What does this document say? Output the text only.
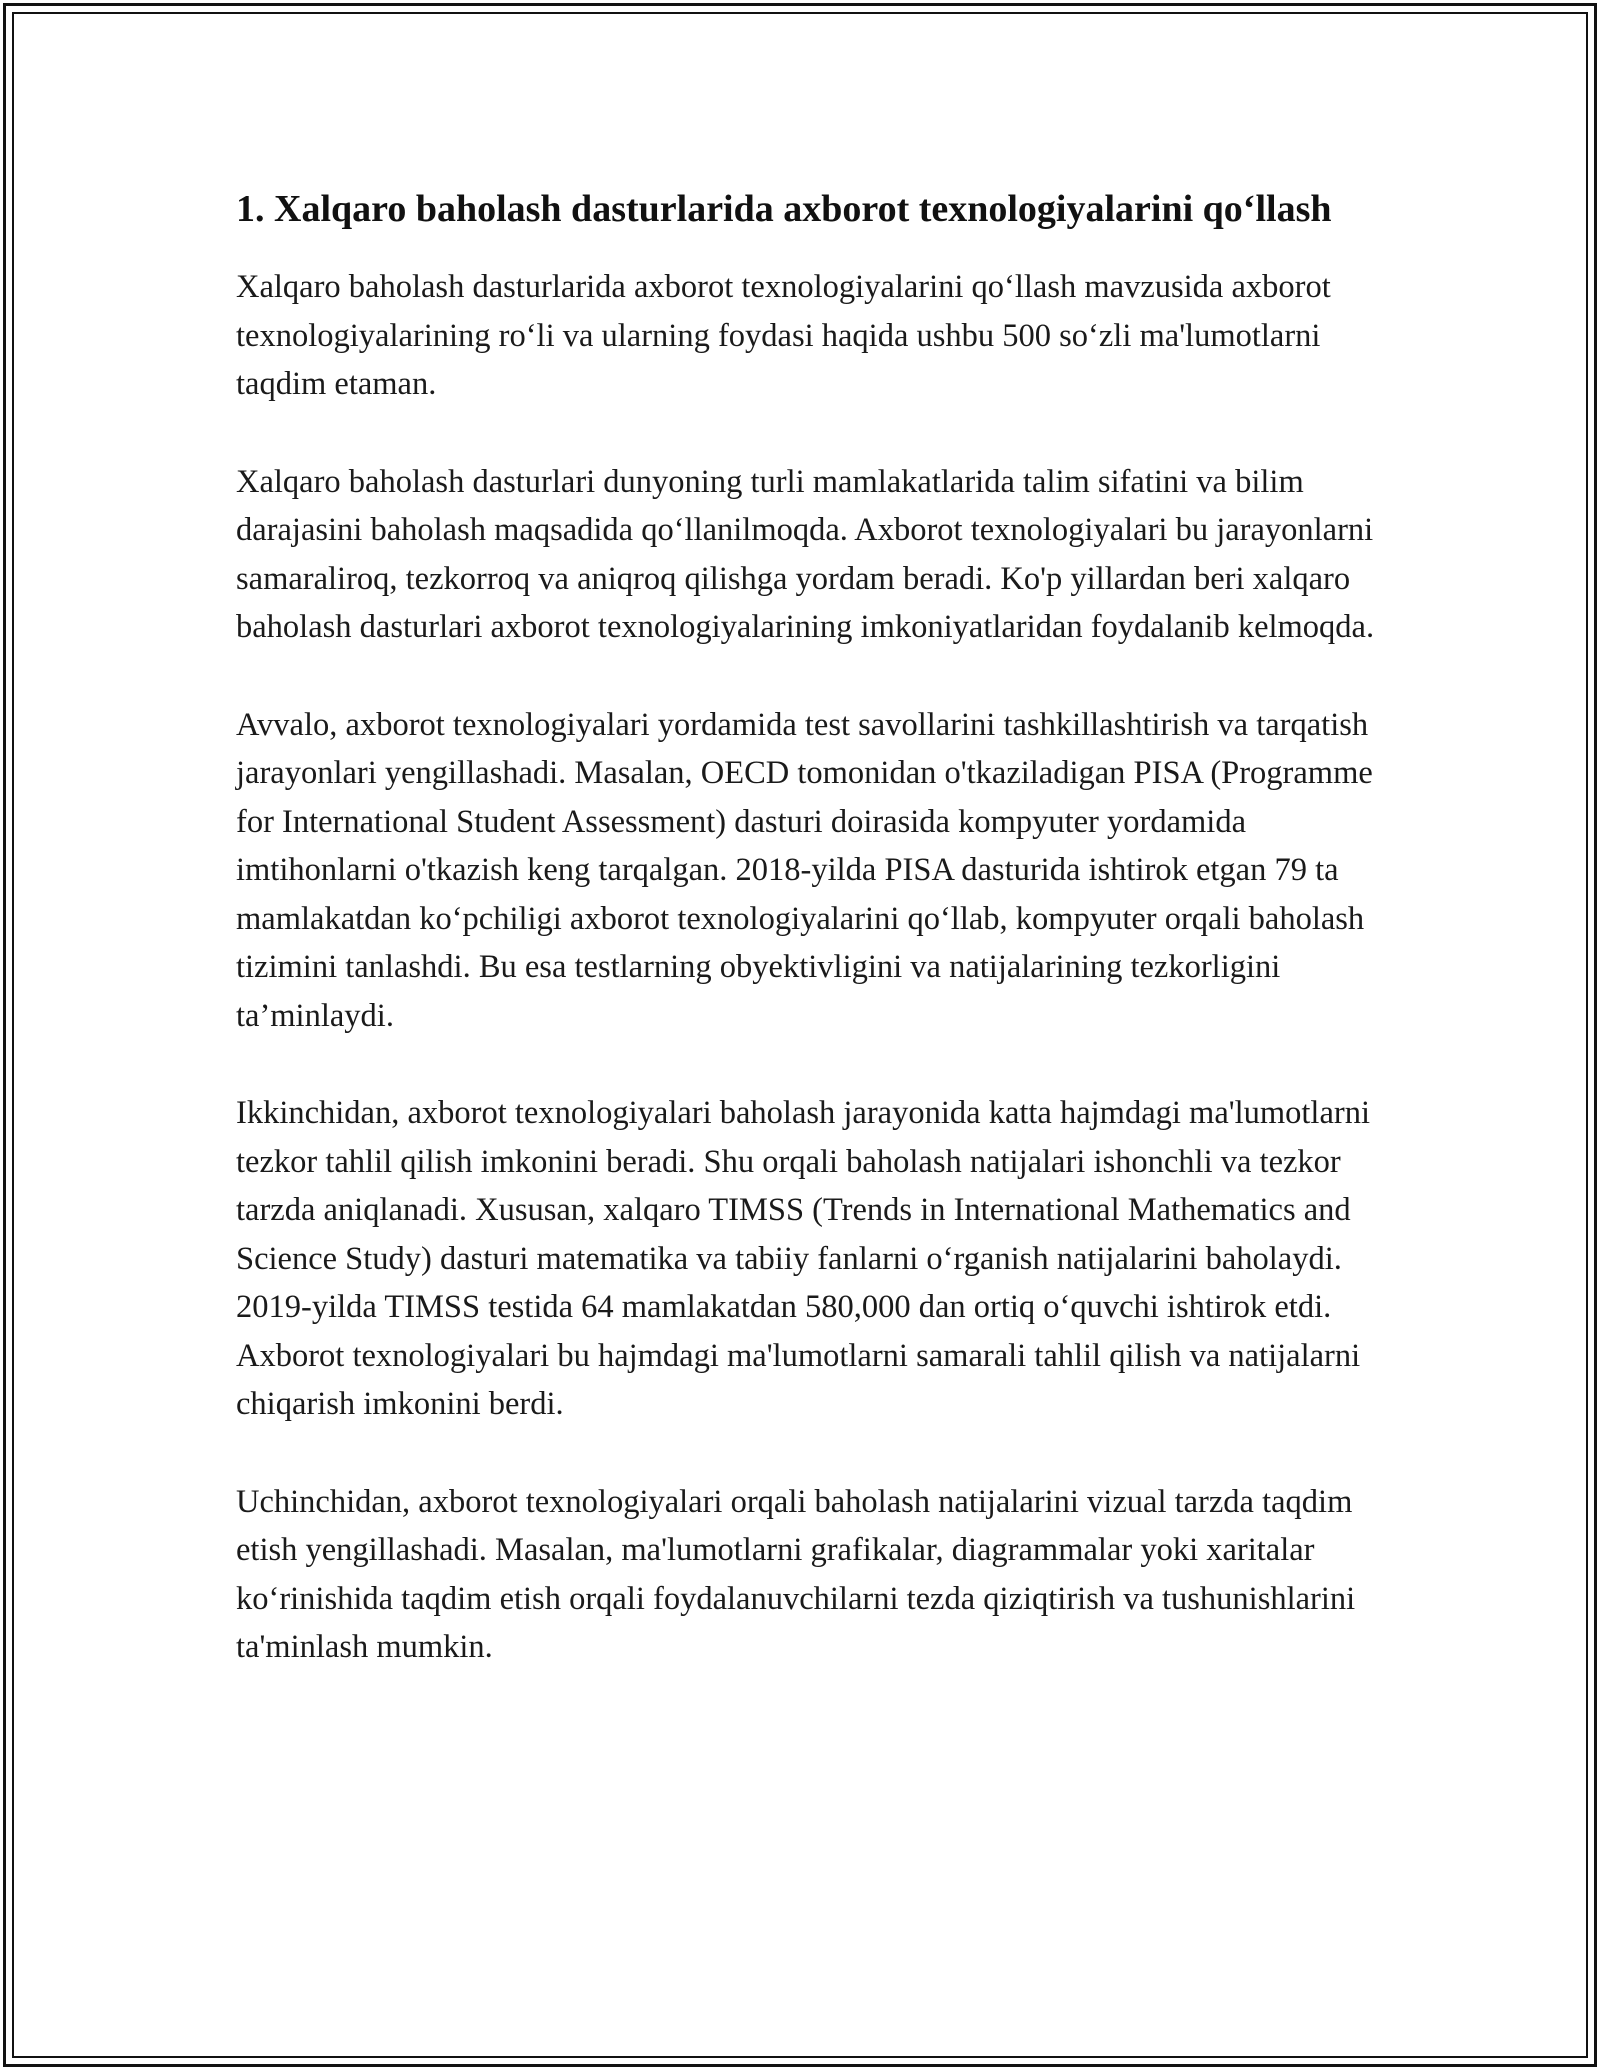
1. Xalqaro baholash dasturlarida axborot texnologiyalarini qo‘llash

Xalqaro baholash dasturlarida axborot texnologiyalarini qo‘llash mavzusida axborot texnologiyalarining ro‘li va ularning foydasi haqida ushbu 500 so‘zli ma'lumotlarni taqdim etaman.

Xalqaro baholash dasturlari dunyoning turli mamlakatlarida talim sifatini va bilim darajasini baholash maqsadida qo‘llanilmoqda. Axborot texnologiyalari bu jarayonlarni samaraliroq, tezkorroq va aniqroq qilishga yordam beradi. Ko'p yillardan beri xalqaro baholash dasturlari axborot texnologiyalarining imkoniyatlaridan foydalanib kelmoqda.

Avvalo, axborot texnologiyalari yordamida test savollarini tashkillashtirish va tarqatish jarayonlari yengillashadi. Masalan, OECD tomonidan o'tkaziladigan PISA (Programme for International Student Assessment) dasturi doirasida kompyuter yordamida imtihonlarni o'tkazish keng tarqalgan. 2018-yilda PISA dasturida ishtirok etgan 79 ta mamlakatdan ko‘pchiligi axborot texnologiyalarini qo‘llab, kompyuter orqali baholash tizimini tanlashdi. Bu esa testlarning obyektivligini va natijalarining tezkorligini ta’minlaydi.

Ikkinchidan, axborot texnologiyalari baholash jarayonida katta hajmdagi ma'lumotlarni tezkor tahlil qilish imkonini beradi. Shu orqali baholash natijalari ishonchli va tezkor tarzda aniqlanadi. Xususan, xalqaro TIMSS (Trends in International Mathematics and Science Study) dasturi matematika va tabiiy fanlarni o‘rganish natijalarini baholaydi. 2019-yilda TIMSS testida 64 mamlakatdan 580,000 dan ortiq o‘quvchi ishtirok etdi. Axborot texnologiyalari bu hajmdagi ma'lumotlarni samarali tahlil qilish va natijalarni chiqarish imkonini berdi.

Uchinchidan, axborot texnologiyalari orqali baholash natijalarini vizual tarzda taqdim etish yengillashadi. Masalan, ma'lumotlarni grafikalar, diagrammalar yoki xaritalar ko‘rinishida taqdim etish orqali foydalanuvchilarni tezda qiziqtirish va tushunishlarini ta'minlash mumkin.
